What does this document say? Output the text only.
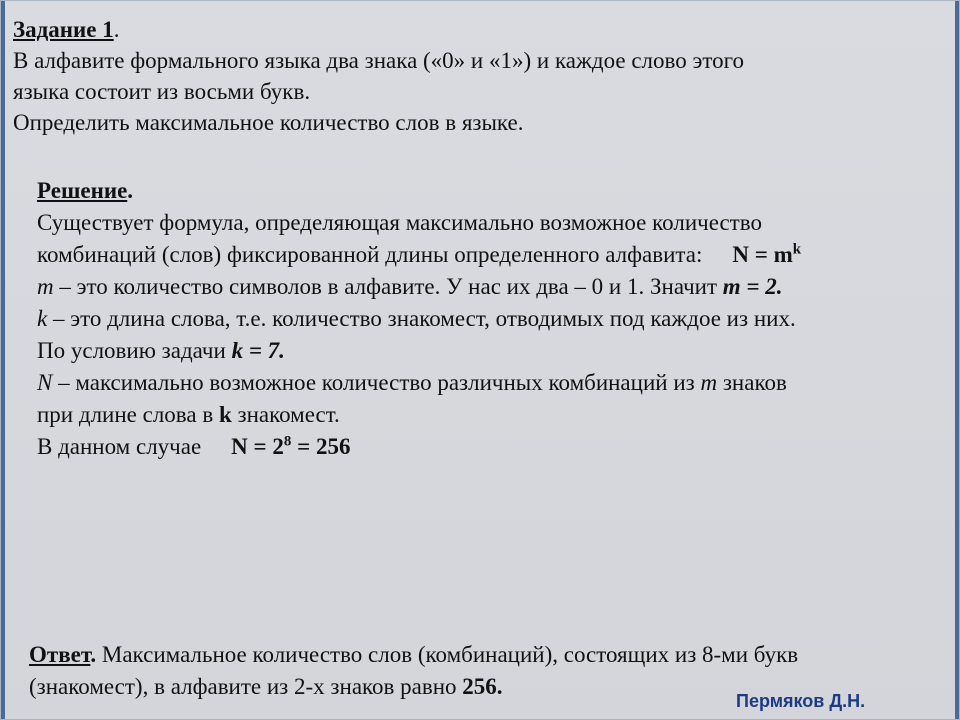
Задание 1.
В алфавите формального языка два знака («0» и «1») и каждое слово этого
языка состоит из восьми букв.
Определить максимальное количество слов в языке.
Решение.
Существует формула, определяющая максимально возможное количество
комбинаций (слов) фиксированной длины определенного алфавита: $N = m^k$
m – это количество символов в алфавите. У нас их два – 0 и 1. Значит m = 2.
k – это длина слова, т.е. количество знакомест, отводимых под каждое из них.
По условию задачи k = 7.
N – максимально возможное количество различных комбинаций из m знаков
при длине слова в k знакомест.
В данном случае $N = 2^8 = 256$
Ответ. Максимальное количество слов (комбинаций), состоящих из 8-ми букв
(знакомест), в алфавите из 2-х знаков равно 256.
Пермяков Д.Н.
